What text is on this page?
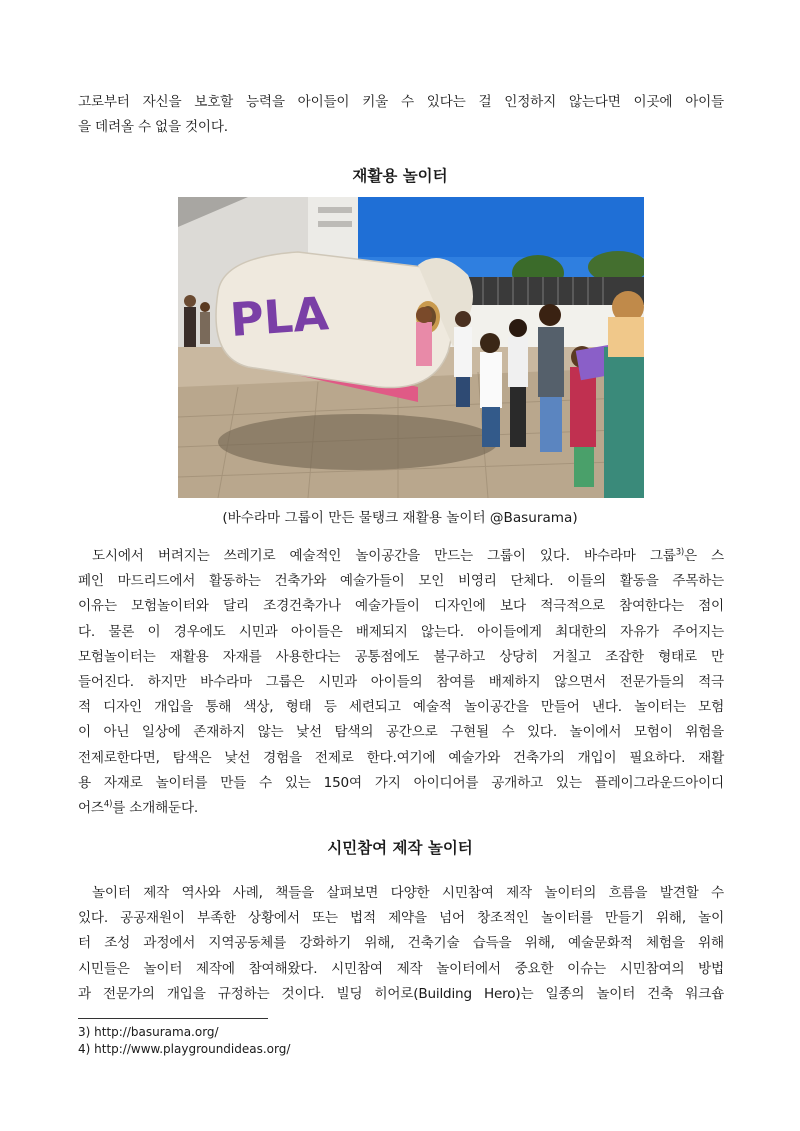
고로부터 자신을 보호할 능력을 아이들이 키울 수 있다는 걸 인정하지 않는다면 이곳에 아이들
을 데려올 수 없을 것이다.
재활용 놀이터
PLA
(바수라마 그룹이 만든 물탱크 재활용 놀이터 @Basurama)
도시에서 버려지는 쓰레기로 예술적인 놀이공간을 만드는 그룹이 있다. 바수라마 그룹$^{3)}$은 스
페인 마드리드에서 활동하는 건축가와 예술가들이 모인 비영리 단체다. 이들의 활동을 주목하는
이유는 모험놀이터와 달리 조경건축가나 예술가들이 디자인에 보다 적극적으로 참여한다는 점이
다. 물론 이 경우에도 시민과 아이들은 배제되지 않는다. 아이들에게 최대한의 자유가 주어지는
모험놀이터는 재활용 자재를 사용한다는 공통점에도 불구하고 상당히 거칠고 조잡한 형태로 만
들어진다. 하지만 바수라마 그룹은 시민과 아이들의 참여를 배제하지 않으면서 전문가들의 적극
적 디자인 개입을 통해 색상, 형태 등 세련되고 예술적 놀이공간을 만들어 낸다. 놀이터는 모험
이 아닌 일상에 존재하지 않는 낯선 탐색의 공간으로 구현될 수 있다. 놀이에서 모험이 위험을
전제로한다면, 탐색은 낯선 경험을 전제로 한다.여기에 예술가와 건축가의 개입이 필요하다. 재활
용 자재로 놀이터를 만들 수 있는 150여 가지 아이디어를 공개하고 있는 플레이그라운드아이디
어즈$^{4)}$를 소개해둔다.
시민참여 제작 놀이터
놀이터 제작 역사와 사례, 책들을 살펴보면 다양한 시민참여 제작 놀이터의 흐름을 발견할 수
있다. 공공재원이 부족한 상황에서 또는 법적 제약을 넘어 창조적인 놀이터를 만들기 위해, 놀이
터 조성 과정에서 지역공동체를 강화하기 위해, 건축기술 습득을 위해, 예술문화적 체험을 위해
시민들은 놀이터 제작에 참여해왔다. 시민참여 제작 놀이터에서 중요한 이슈는 시민참여의 방법
과 전문가의 개입을 규정하는 것이다. 빌딩 히어로(Building Hero)는 일종의 놀이터 건축 워크숍
3) http://basurama.org/
4) http://www.playgroundideas.org/
